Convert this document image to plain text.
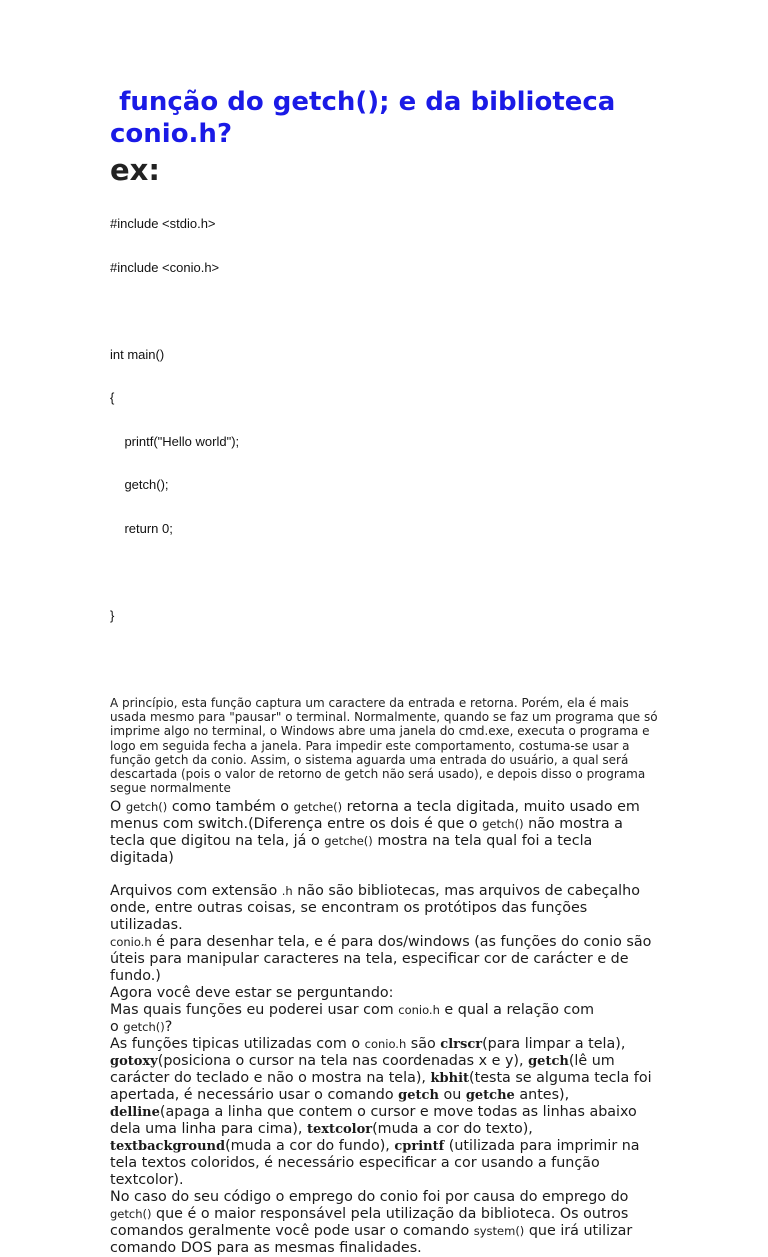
função do getch(); e da biblioteca conio.h?
ex:

#include <stdio.h>

#include <conio.h>

int main()

{

printf("Hello world");

getch();

return 0;

}

A princípio, esta função captura um caractere da entrada e retorna. Porém, ela é mais usada mesmo para "pausar" o terminal. Normalmente, quando se faz um programa que só imprime algo no terminal, o Windows abre uma janela do cmd.exe, executa o programa e logo em seguida fecha a janela. Para impedir este comportamento, costuma-se usar a função getch da conio. Assim, o sistema aguarda uma entrada do usuário, a qual será descartada (pois o valor de retorno de getch não será usado), e depois disso o programa segue normalmente

O getch() como também o getche() retorna a tecla digitada, muito usado em menus com switch.(Diferença entre os dois é que o getch() não mostra a tecla que digitou na tela, já o getche() mostra na tela qual foi a tecla digitada)

Arquivos com extensão .h não são bibliotecas, mas arquivos de cabeçalho onde, entre outras coisas, se encontram os protótipos das funções utilizadas.
conio.h é para desenhar tela, e é para dos/windows (as funções do conio são úteis para manipular caracteres na tela, especificar cor de carácter e de fundo.)
Agora você deve estar se perguntando:
Mas quais funções eu poderei usar com conio.h e qual a relação com
o getch()?
As funções tipicas utilizadas com o conio.h são clrscr(para limpar a tela), gotoxy(posiciona o cursor na tela nas coordenadas x e y), getch(lê um carácter do teclado e não o mostra na tela), kbhit(testa se alguma tecla foi apertada, é necessário usar o comando getch ou getche antes), delline(apaga a linha que contem o cursor e move todas as linhas abaixo dela uma linha para cima), textcolor(muda a cor do texto), textbackground(muda a cor do fundo), cprintf (utilizada para imprimir na tela textos coloridos, é necessário especificar a cor usando a função textcolor).
No caso do seu código o emprego do conio foi por causa do emprego do getch() que é o maior responsável pela utilização da biblioteca. Os outros comandos geralmente você pode usar o comando system() que irá utilizar comando DOS para as mesmas finalidades.
